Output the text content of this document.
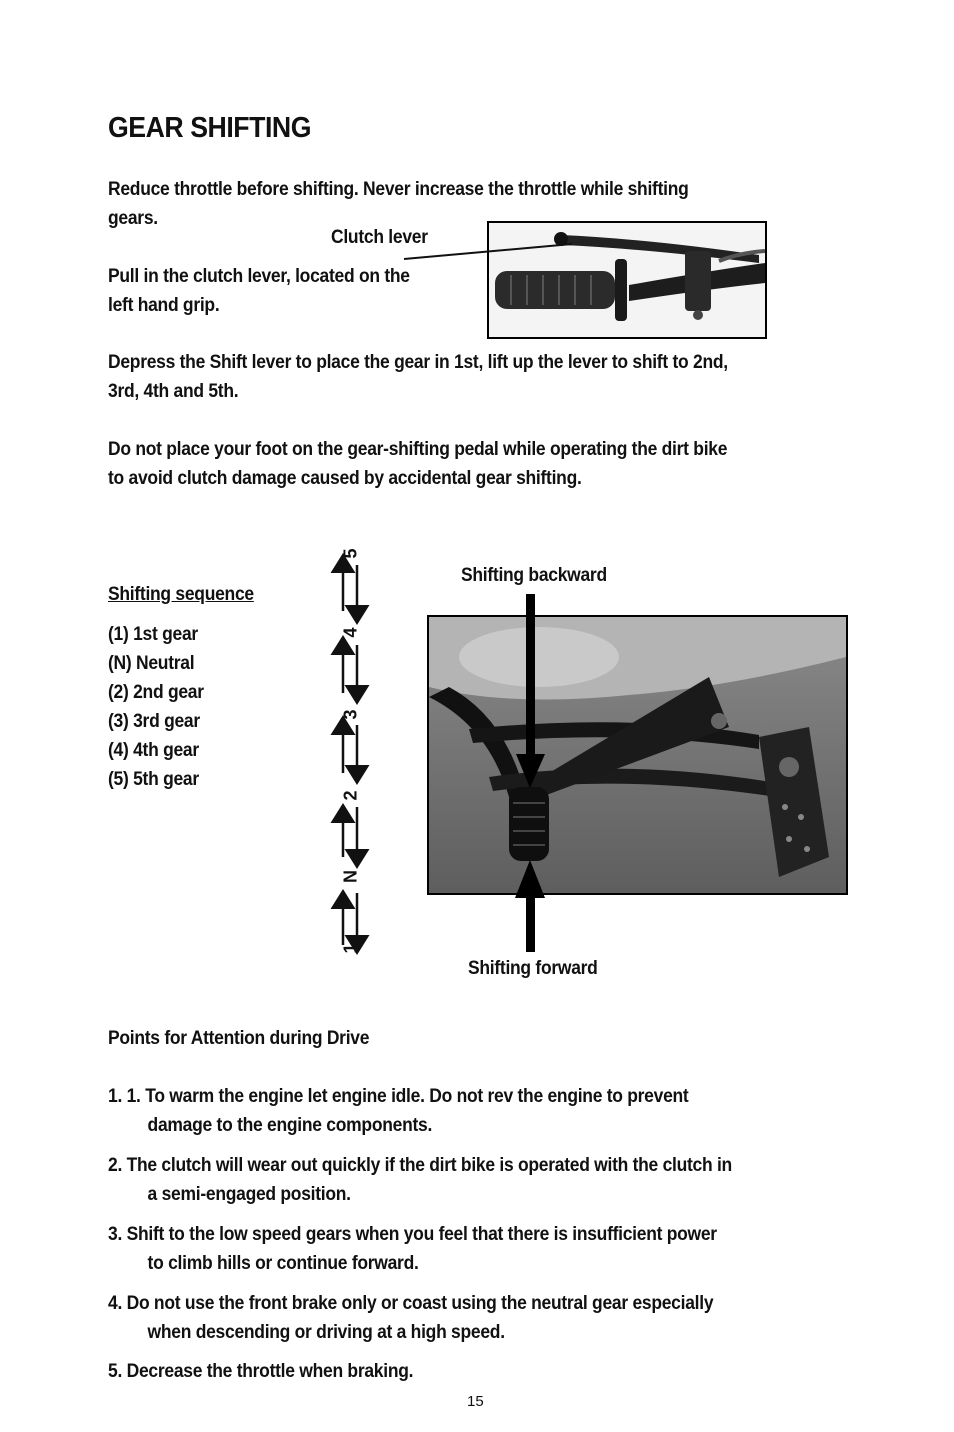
GEAR SHIFTING
Reduce throttle before shifting. Never increase the throttle while shifting
gears.
Clutch lever
Pull in the clutch lever, located on the
left hand grip.
Depress the Shift lever to place the gear in 1st, lift up the lever to shift to 2nd,
3rd, 4th and 5th.
Do not place your foot on the gear-shifting pedal while operating the dirt bike
to avoid clutch damage caused by accidental gear shifting.
Shifting sequence
(1) 1st gear
(N) Neutral
(2) 2nd gear
(3) 3rd gear
(4) 4th gear
(5) 5th gear
1
N
2
3
4
5
Shifting backward
Shifting forward
Points for Attention during Drive
1. 1. To warm the engine let engine idle. Do not rev the engine to prevent
damage to the engine components.
2. The clutch will wear out quickly if the dirt bike is operated with the clutch in
a semi-engaged position.
3. Shift to the low speed gears when you feel that there is insufficient power
to climb hills or continue forward.
4. Do not use the front brake only or coast using the neutral gear especially
when descending or driving at a high speed.
5. Decrease the throttle when braking.
15
